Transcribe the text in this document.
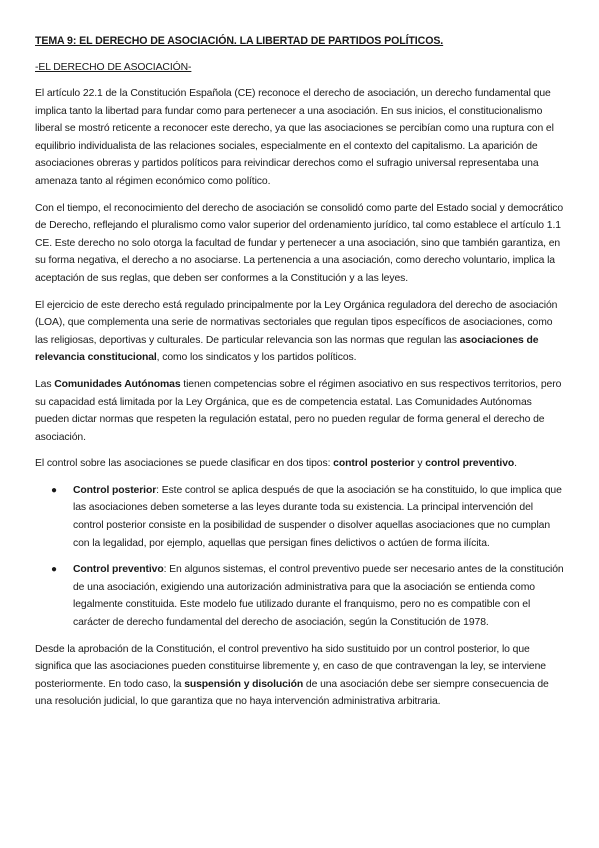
TEMA 9: EL DERECHO DE ASOCIACIÓN. LA LIBERTAD DE PARTIDOS POLÍTICOS.
-EL DERECHO DE ASOCIACIÓN-

El artículo 22.1 de la Constitución Española (CE) reconoce el derecho de asociación, un derecho fundamental que implica tanto la libertad para fundar como para pertenecer a una asociación. En sus inicios, el constitucionalismo liberal se mostró reticente a reconocer este derecho, ya que las asociaciones se percibían como una ruptura con el equilibrio individualista de las relaciones sociales, especialmente en el contexto del capitalismo. La aparición de asociaciones obreras y partidos políticos para reivindicar derechos como el sufragio universal representaba una amenaza tanto al régimen económico como político.

Con el tiempo, el reconocimiento del derecho de asociación se consolidó como parte del Estado social y democrático de Derecho, reflejando el pluralismo como valor superior del ordenamiento jurídico, tal como establece el artículo 1.1 CE. Este derecho no solo otorga la facultad de fundar y pertenecer a una asociación, sino que también garantiza, en su forma negativa, el derecho a no asociarse. La pertenencia a una asociación, como derecho voluntario, implica la aceptación de sus reglas, que deben ser conformes a la Constitución y a las leyes.

El ejercicio de este derecho está regulado principalmente por la Ley Orgánica reguladora del derecho de asociación (LOA), que complementa una serie de normativas sectoriales que regulan tipos específicos de asociaciones, como las religiosas, deportivas y culturales. De particular relevancia son las normas que regulan las asociaciones de relevancia constitucional, como los sindicatos y los partidos políticos.

Las Comunidades Autónomas tienen competencias sobre el régimen asociativo en sus respectivos territorios, pero su capacidad está limitada por la Ley Orgánica, que es de competencia estatal. Las Comunidades Autónomas pueden dictar normas que respeten la regulación estatal, pero no pueden regular de forma general el derecho de asociación.

El control sobre las asociaciones se puede clasificar en dos tipos: control posterior y control preventivo.

● Control posterior: Este control se aplica después de que la asociación se ha constituido, lo que implica que las asociaciones deben someterse a las leyes durante toda su existencia. La principal intervención del control posterior consiste en la posibilidad de suspender o disolver aquellas asociaciones que no cumplan con la legalidad, por ejemplo, aquellas que persigan fines delictivos o actúen de forma ilícita.
● Control preventivo: En algunos sistemas, el control preventivo puede ser necesario antes de la constitución de una asociación, exigiendo una autorización administrativa para que la asociación se entienda como legalmente constituida. Este modelo fue utilizado durante el franquismo, pero no es compatible con el carácter de derecho fundamental del derecho de asociación, según la Constitución de 1978.

Desde la aprobación de la Constitución, el control preventivo ha sido sustituido por un control posterior, lo que significa que las asociaciones pueden constituirse libremente y, en caso de que contravengan la ley, se interviene posteriormente. En todo caso, la suspensión y disolución de una asociación debe ser siempre consecuencia de una resolución judicial, lo que garantiza que no haya intervención administrativa arbitraria.
